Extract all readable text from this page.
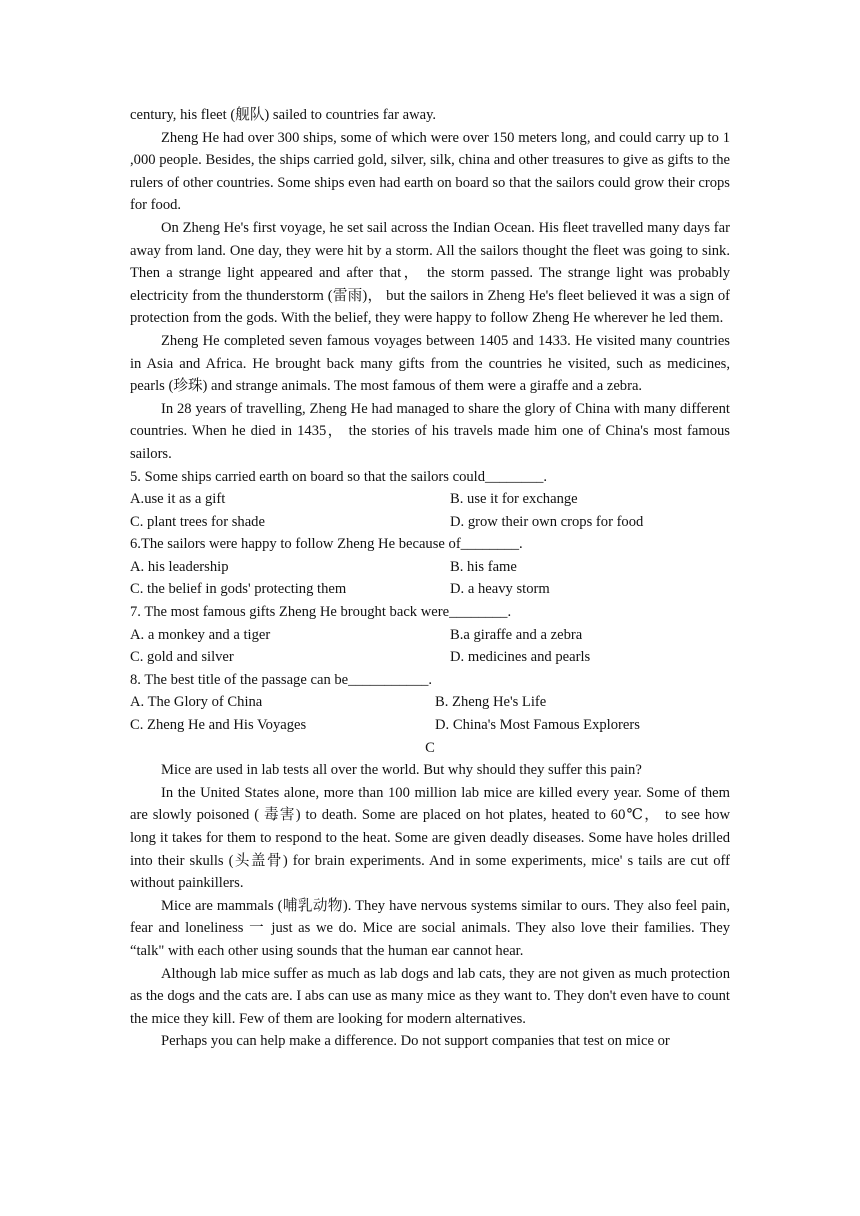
century, his fleet (舰队) sailed to countries far away.

Zheng He had over 300 ships, some of which were over 150 meters long, and could carry up to 1 ,000 people. Besides, the ships carried gold, silver, silk, china and other treasures to give as gifts to the rulers of other countries. Some ships even had earth on board so that the sailors could grow their crops for food.

On Zheng He's first voyage, he set sail across the Indian Ocean. His fleet travelled many days far away from land. One day, they were hit by a storm. All the sailors thought the fleet was going to sink. Then a strange light appeared and after that， the storm passed. The strange light was probably electricity from the thunderstorm (雷雨)， but the sailors in Zheng He's fleet believed it was a sign of protection from the gods. With the belief, they were happy to follow Zheng He wherever he led them.

Zheng He completed seven famous voyages between 1405 and 1433. He visited many countries in Asia and Africa. He brought back many gifts from the countries he visited, such as medicines, pearls (珍珠) and strange animals. The most famous of them were a giraffe and a zebra.

In 28 years of travelling, Zheng He had managed to share the glory of China with many different countries. When he died in 1435， the stories of his travels made him one of China's most famous sailors.

5. Some ships carried earth on board so that the sailors could________.

A.use it as a gift	B. use it for exchange
C. plant trees for shade	D. grow their own crops for food

6.The sailors were happy to follow Zheng He because of________.

A. his leadership	B. his fame
C. the belief in gods' protecting them	D. a heavy storm

7. The most famous gifts Zheng He brought back were________.

A. a monkey and a tiger	B.a giraffe and a zebra
C. gold and silver	D. medicines and pearls

8. The best title of the passage can be___________.

A. The Glory of China	B. Zheng He's Life
C. Zheng He and His Voyages	D. China's Most Famous Explorers

C

Mice are used in lab tests all over the world. But why should they suffer this pain?

In the United States alone, more than 100 million lab mice are killed every year. Some of them are slowly poisoned ( 毒害) to death. Some are placed on hot plates, heated to 60℃， to see how long it takes for them to respond to the heat. Some are given deadly diseases. Some have holes drilled into their skulls (头盖骨) for brain experiments. And in some experiments, mice' s tails are cut off without painkillers.

Mice are mammals (哺乳动物). They have nervous systems similar to ours. They also feel pain, fear and loneliness 一 just as we do. Mice are social animals. They also love their families. They “talk" with each other using sounds that the human ear cannot hear.

Although lab mice suffer as much as lab dogs and lab cats, they are not given as much protection as the dogs and the cats are. I abs can use as many mice as they want to. They don't even have to count the mice they kill. Few of them are looking for modern alternatives.

Perhaps you can help make a difference. Do not support companies that test on mice or
